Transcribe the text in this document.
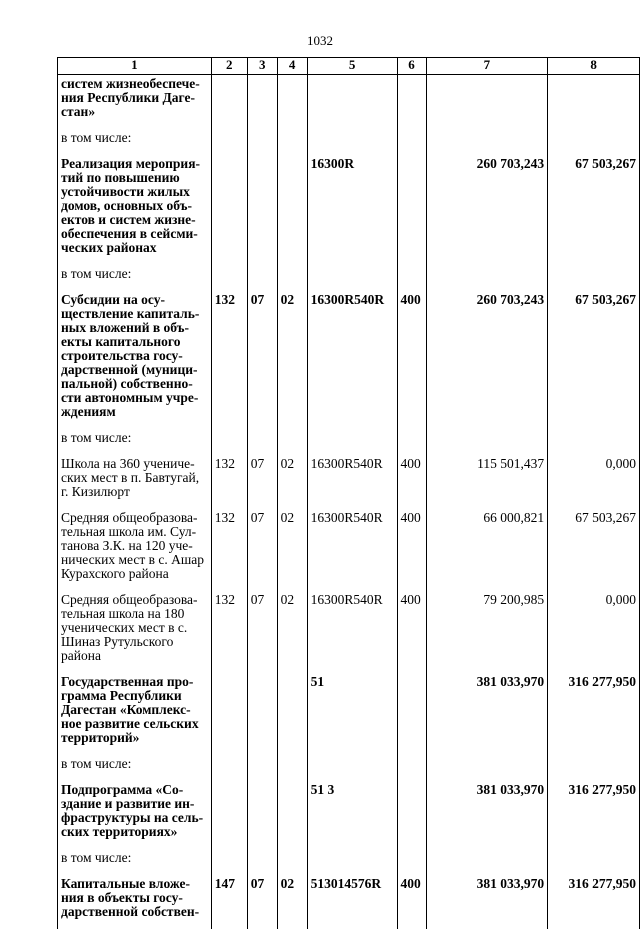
1032
1	2	3	4	5	6	7	8
систем жизнеобеспече-ния Республики Даге-стан»							
в том числе:							
Реализация мероприя-тий по повышению устойчивости жилых домов, основных объ-ектов и систем жизне-обеспечения в сейсми-ческих районах				16300R		260 703,243	67 503,267
в том числе:							
Субсидии на осу-ществление капиталь-ных вложений в объ-екты капитального строительства госу-дарственной (муници-пальной) собственно-сти автономным учре-ждениям	132	07	02	16300R540R	400	260 703,243	67 503,267
в том числе:							
Школа на 360 учениче-ских мест в п. Бавтугай, г. Кизилюрт	132	07	02	16300R540R	400	115 501,437	0,000
Средняя общеобразова-тельная школа им. Сул-танова З.К. на 120 уче-нических мест в с. Ашар Курахского района	132	07	02	16300R540R	400	66 000,821	67 503,267
Средняя общеобразова-тельная школа на 180 ученических мест в с. Шиназ Рутульского района	132	07	02	16300R540R	400	79 200,985	0,000
Государственная про-грамма Республики Дагестан «Комплекс-ное развитие сельских территорий»				51		381 033,970	316 277,950
в том числе:							
Подпрограмма «Со-здание и развитие ин-фраструктуры на сель-ских территориях»				51 3		381 033,970	316 277,950
в том числе:							
Капитальные вложе-ния в объекты госу-дарственной собствен-	147	07	02	513014576R	400	381 033,970	316 277,950
